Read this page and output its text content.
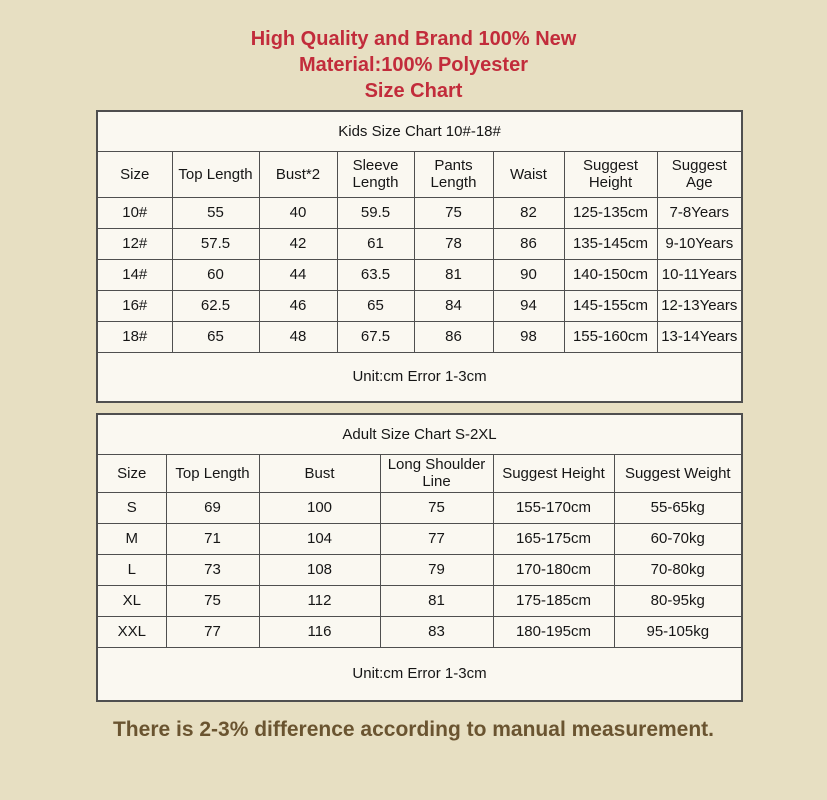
High Quality and Brand 100% New
Material:100% Polyester
Size Chart
Kids Size Chart 10#-18#							
Size	Top Length	Bust*2	Sleeve Length	Pants Length	Waist	Suggest Height	Suggest Age
10#	55	40	59.5	75	82	125-135cm	7-8Years
12#	57.5	42	61	78	86	135-145cm	9-10Years
14#	60	44	63.5	81	90	140-150cm	10-11Years
16#	62.5	46	65	84	94	145-155cm	12-13Years
18#	65	48	67.5	86	98	155-160cm	13-14Years
Unit:cm Error 1-3cm							
Adult Size Chart S-2XL					
Size	Top Length	Bust	Long Shoulder Line	Suggest Height	Suggest Weight
S	69	100	75	155-170cm	55-65kg
M	71	104	77	165-175cm	60-70kg
L	73	108	79	170-180cm	70-80kg
XL	75	112	81	175-185cm	80-95kg
XXL	77	116	83	180-195cm	95-105kg
Unit:cm Error 1-3cm					
There is 2-3% difference according to manual measurement.
